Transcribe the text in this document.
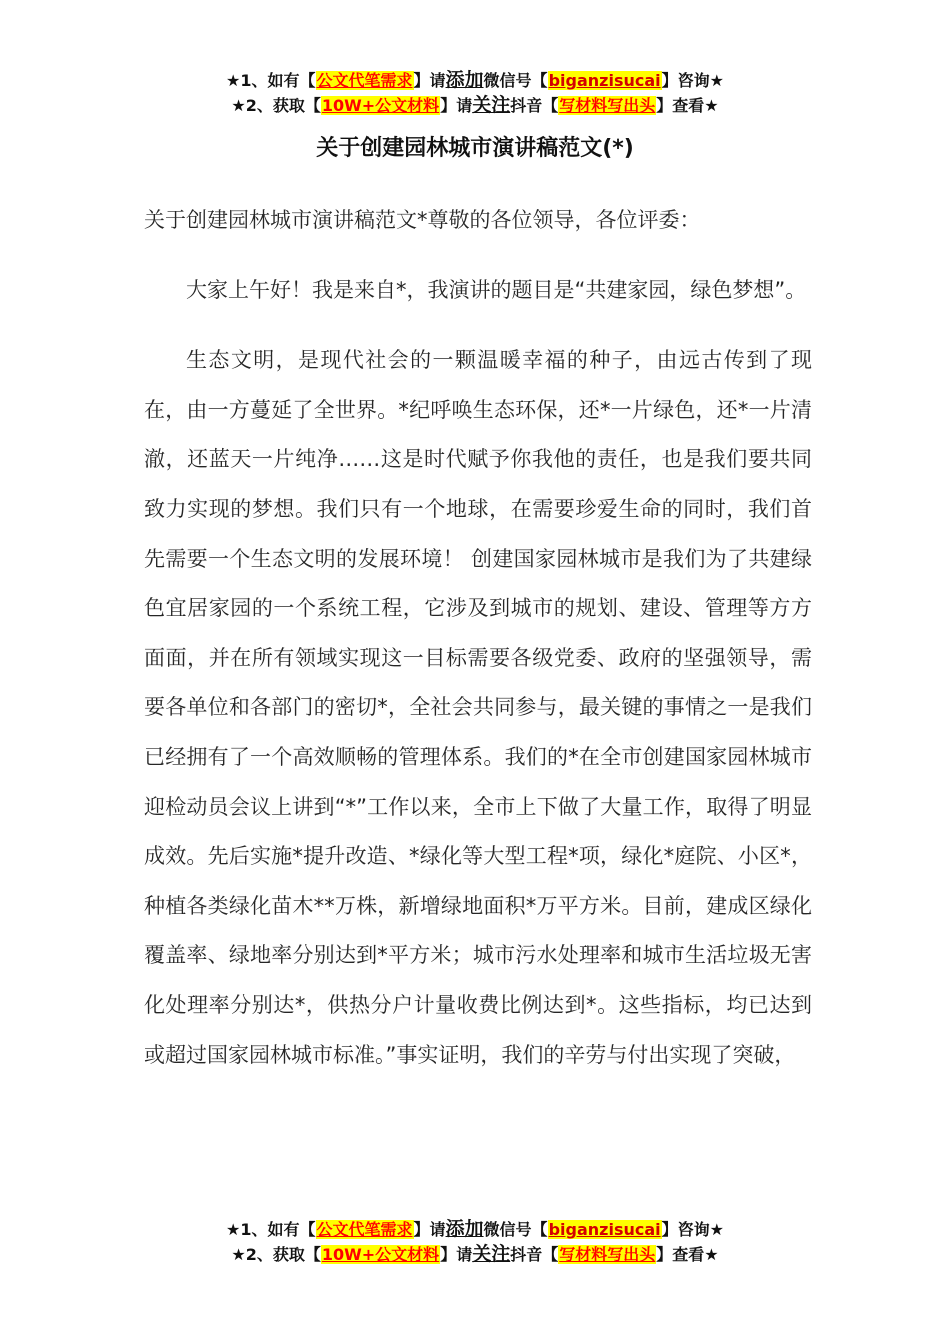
★1、如有【公文代笔需求】请添加微信号【biganzisucai】咨询★
★2、获取【10W+公文材料】请关注抖音【写材料写出头】查看★
关于创建园林城市演讲稿范文(*)

关于创建园林城市演讲稿范文*尊敬的各位领导，各位评委：

大家上午好！我是来自*，我演讲的题目是“共建家园，绿色梦想”。

生态文明，是现代社会的一颗温暖幸福的种子，由远古传到了现在，由一方蔓延了全世界。*纪呼唤生态环保，还*一片绿色，还*一片清澈，还蓝天一片纯净……这是时代赋予你我他的责任，也是我们要共同致力实现的梦想。我们只有一个地球，在需要珍爱生命的同时，我们首先需要一个生态文明的发展环境！ 创建国家园林城市是我们为了共建绿色宜居家园的一个系统工程，它涉及到城市的规划、建设、管理等方方面面，并在所有领域实现这一目标需要各级党委、政府的坚强领导，需要各单位和各部门的密切*，全社会共同参与，最关键的事情之一是我们已经拥有了一个高效顺畅的管理体系。我们的*在全市创建国家园林城市迎检动员会议上讲到“*”工作以来，全市上下做了大量工作，取得了明显成效。先后实施*提升改造、*绿化等大型工程*项，绿化*庭院、小区*，种植各类绿化苗木**万株，新增绿地面积*万平方米。目前，建成区绿化覆盖率、绿地率分别达到*平方米；城市污水处理率和城市生活垃圾无害化处理率分别达*，供热分户计量收费比例达到*。这些指标，均已达到或超过国家园林城市标准。”事实证明，我们的辛劳与付出实现了突破，

★1、如有【公文代笔需求】请添加微信号【biganzisucai】咨询★
★2、获取【10W+公文材料】请关注抖音【写材料写出头】查看★
